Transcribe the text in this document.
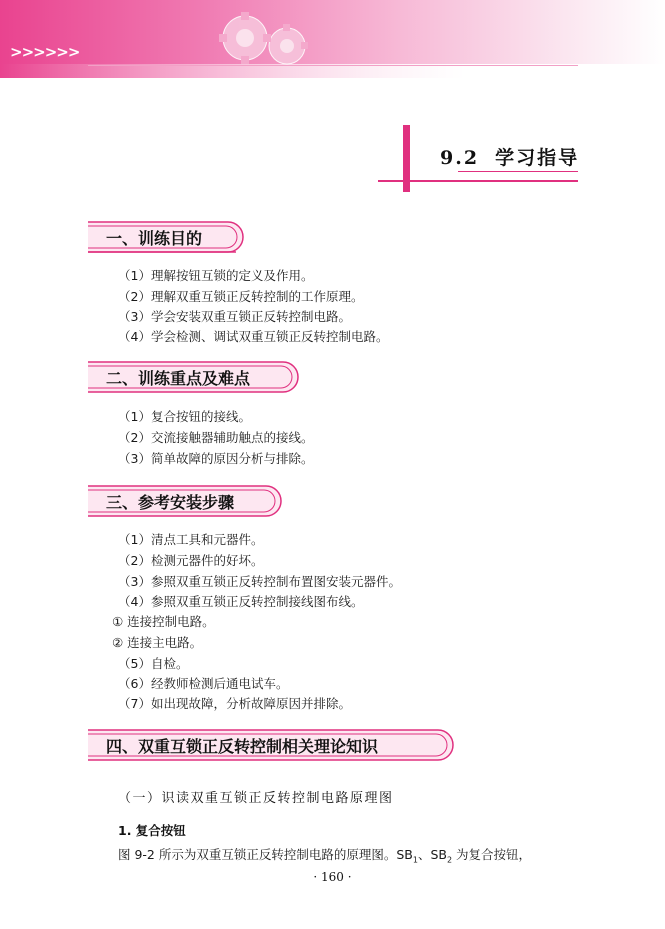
>>>>>>
9.2 学习指导
一、训练目的
（1）理解按钮互锁的定义及作用。
（2）理解双重互锁正反转控制的工作原理。
（3）学会安装双重互锁正反转控制电路。
（4）学会检测、调试双重互锁正反转控制电路。
二、训练重点及难点
（1）复合按钮的接线。
（2）交流接触器辅助触点的接线。
（3）简单故障的原因分析与排除。
三、参考安装步骤
（1）清点工具和元器件。
（2）检测元器件的好坏。
（3）参照双重互锁正反转控制布置图安装元器件。
（4）参照双重互锁正反转控制接线图布线。
① 连接控制电路。
② 连接主电路。
（5）自检。
（6）经教师检测后通电试车。
（7）如出现故障，分析故障原因并排除。
四、双重互锁正反转控制相关理论知识
（一）识读双重互锁正反转控制电路原理图
1. 复合按钮
图 9-2 所示为双重互锁正反转控制电路的原理图。$SB_1$、$SB_2$ 为复合按钮，
· 160 ·
